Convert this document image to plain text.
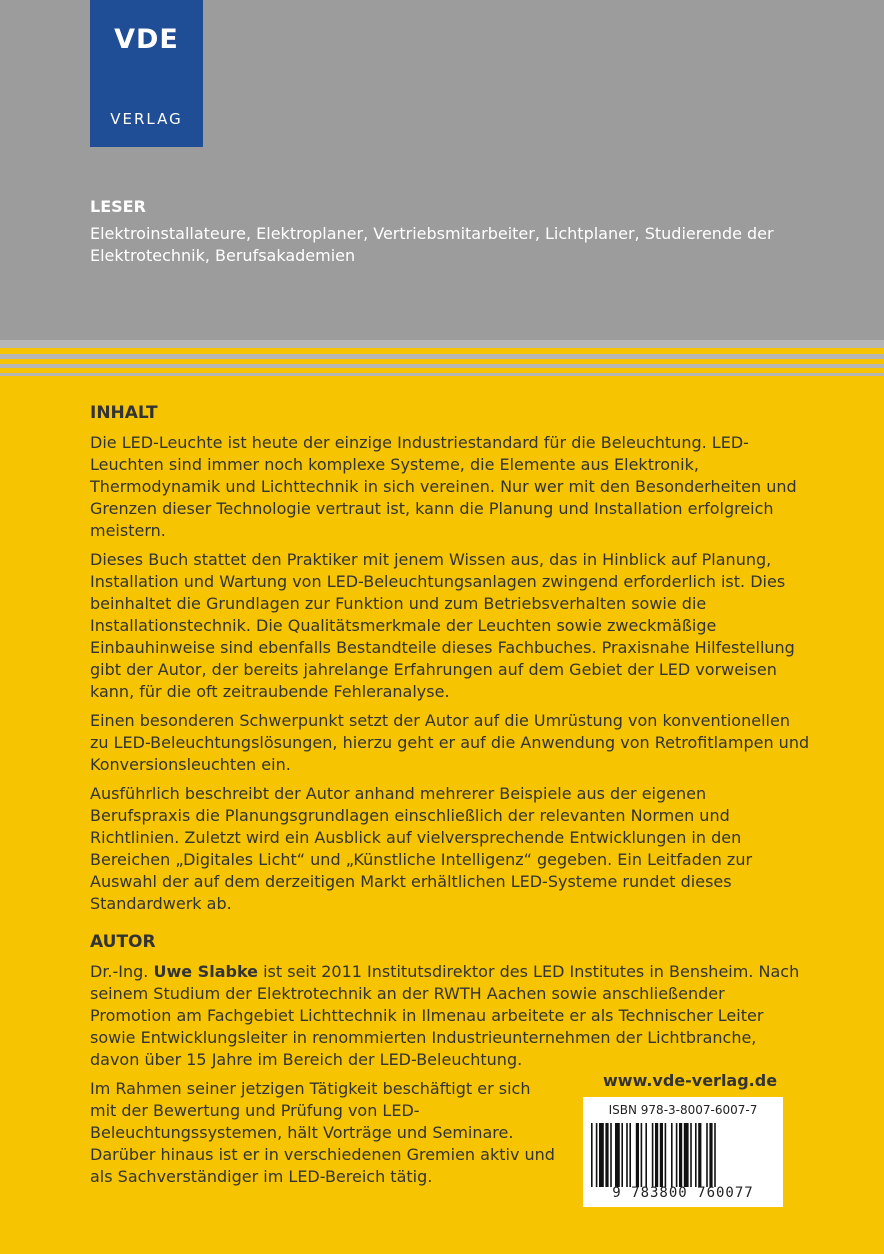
VDE
VERLAG
LESER
Elektroinstallateure, Elektroplaner, Vertriebsmitarbeiter, Lichtplaner, Studierende der Elektrotechnik, Berufsakademien
INHALT

Die LED-Leuchte ist heute der einzige Industriestandard für die Beleuchtung. LED-Leuchten sind immer noch komplexe Systeme, die Elemente aus Elektronik, Thermodynamik und Lichttechnik in sich vereinen. Nur wer mit den Besonderheiten und Grenzen dieser Technologie vertraut ist, kann die Planung und Installation erfolgreich meistern.

Dieses Buch stattet den Praktiker mit jenem Wissen aus, das in Hinblick auf Planung, Installation und Wartung von LED-Beleuchtungsanlagen zwingend erforderlich ist. Dies beinhaltet die Grundlagen zur Funktion und zum Betriebsverhalten sowie die Installationstechnik. Die Qualitätsmerkmale der Leuchten sowie zweckmäßige Einbauhinweise sind ebenfalls Bestandteile dieses Fachbuches. Praxisnahe Hilfestellung gibt der Autor, der bereits jahrelange Erfahrungen auf dem Gebiet der LED vorweisen kann, für die oft zeitraubende Fehleranalyse.

Einen besonderen Schwerpunkt setzt der Autor auf die Umrüstung von konventionellen zu LED-Beleuchtungslösungen, hierzu geht er auf die Anwendung von Retrofitlampen und Konversionsleuchten ein.

Ausführlich beschreibt der Autor anhand mehrerer Beispiele aus der eigenen Berufspraxis die Planungsgrundlagen einschließlich der relevanten Normen und Richtlinien. Zuletzt wird ein Ausblick auf vielversprechende Entwicklungen in den Bereichen „Digitales Licht“ und „Künstliche Intelligenz“ gegeben. Ein Leitfaden zur Auswahl der auf dem derzeitigen Markt erhältlichen LED-Systeme rundet dieses Standardwerk ab.

AUTOR

Dr.-Ing. Uwe Slabke ist seit 2011 Institutsdirektor des LED Institutes in Bensheim. Nach seinem Studium der Elektrotechnik an der RWTH Aachen sowie anschließender Promotion am Fachgebiet Lichttechnik in Ilmenau arbeitete er als Technischer Leiter sowie Entwicklungsleiter in renommierten Industrieunternehmen der Lichtbranche, davon über 15 Jahre im Bereich der LED-Beleuchtung.

Im Rahmen seiner jetzigen Tätigkeit beschäftigt er sich mit der Bewertung und Prüfung von LED-Beleuchtungssystemen, hält Vorträge und Seminare. Darüber hinaus ist er in verschiedenen Gremien aktiv und als Sachverständiger im LED-Bereich tätig.

www.vde-verlag.de
ISBN 978-3-8007-6007-7
9 783800 760077
